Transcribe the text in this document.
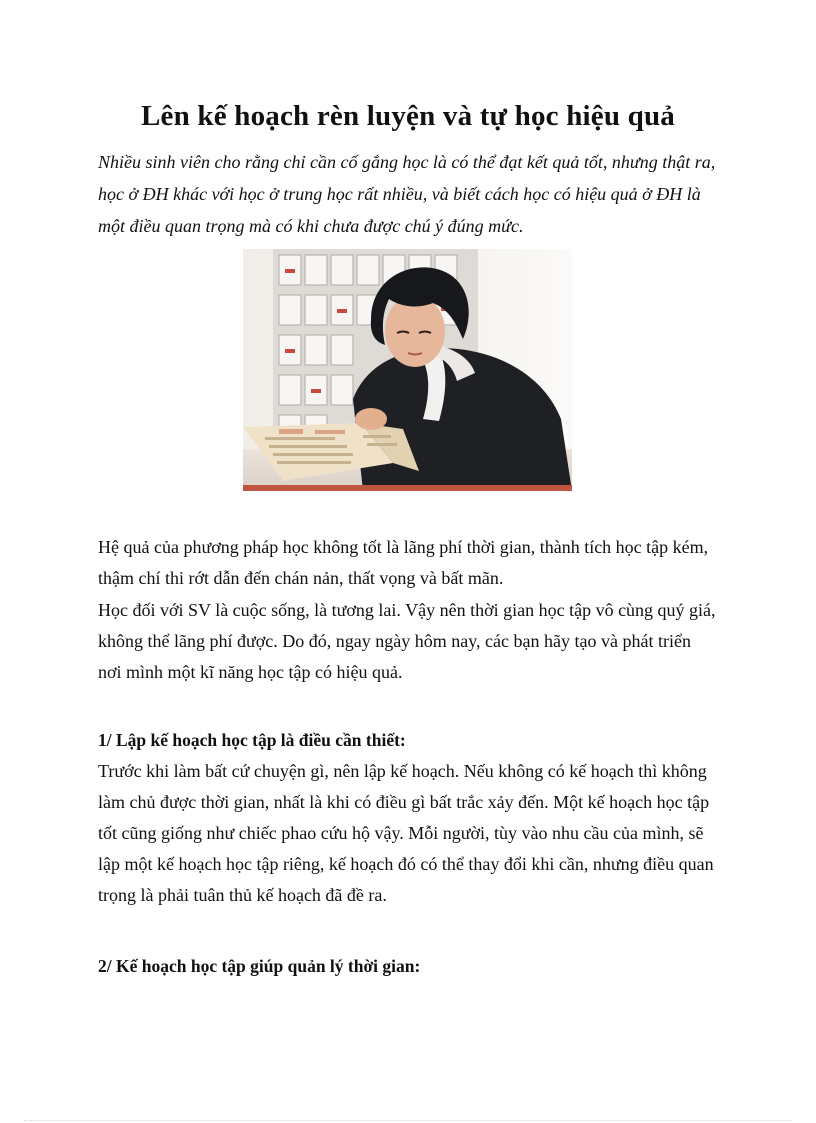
Lên kế hoạch rèn luyện và tự học hiệu quả

Nhiều sinh viên cho rằng chỉ cần cố gắng học là có thể đạt kết quả tốt, nhưng thật ra, học ở ĐH khác với học ở trung học rất nhiều, và biết cách học có hiệu quả ở ĐH là một điều quan trọng mà có khi chưa được chú ý đúng mức.

Hệ quả của phương pháp học không tốt là lãng phí thời gian, thành tích học tập kém, thậm chí thi rớt dẫn đến chán nản, thất vọng và bất mãn.

Học đối với SV là cuộc sống, là tương lai. Vậy nên thời gian học tập vô cùng quý giá, không thể lãng phí được. Do đó, ngay ngày hôm nay, các bạn hãy tạo và phát triển nơi mình một kĩ năng học tập có hiệu quả.

1/ Lập kế hoạch học tập là điều cần thiết:

Trước khi làm bất cứ chuyện gì, nên lập kế hoạch. Nếu không có kế hoạch thì không làm chủ được thời gian, nhất là khi có điều gì bất trắc xảy đến. Một kế hoạch học tập tốt cũng giống như chiếc phao cứu hộ vậy. Mỗi người, tùy vào nhu cầu của mình, sẽ lập một kế hoạch học tập riêng, kế hoạch đó có thể thay đổi khi cần, nhưng điều quan trọng là phải tuân thủ kế hoạch đã đề ra.

2/ Kế hoạch học tập giúp quản lý thời gian:
